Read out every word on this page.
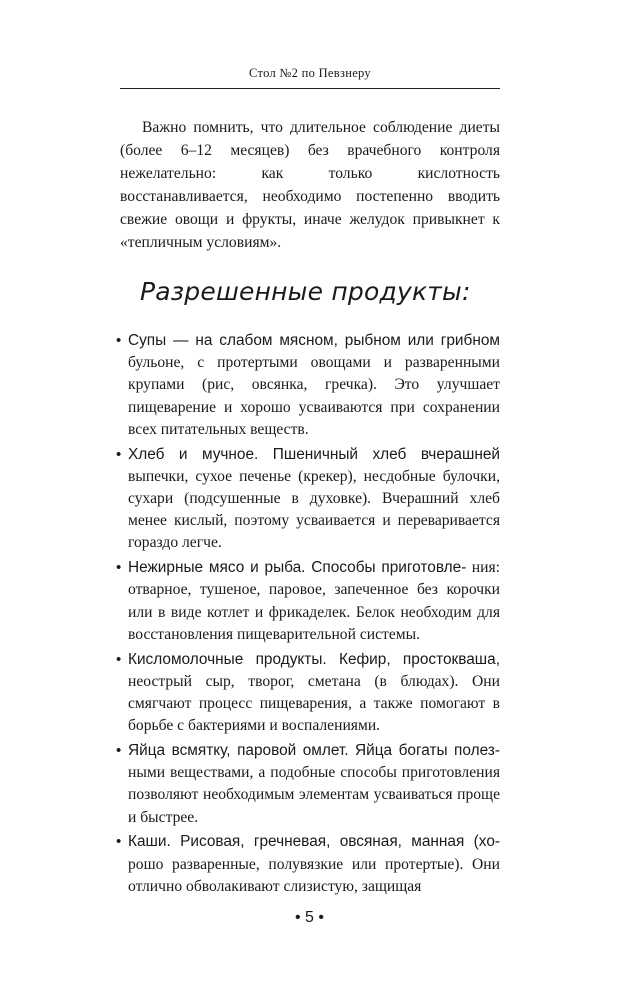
Стол №2 по Певзнеру

Важно помнить, что длительное соблюдение диеты (более 6–12 месяцев) без врачебного контроля нежелательно: как только кислотность восстанавливается, необходимо постепенно вводить свежие овощи и фрукты, иначе желудок привыкнет к «тепличным условиям».

Разрешенные продукты:
• Супы — на слабом мясном, рыбном или грибном бульоне, с протертыми овощами и разваренными крупами (рис, овсянка, гречка). Это улучшает пищеварение и хорошо усваиваются при сохранении всех питательных веществ.
• Хлеб и мучное. Пшеничный хлеб вчерашней выпечки, сухое печенье (крекер), несдобные булочки, сухари (подсушенные в духовке). Вчерашний хлеб менее кислый, поэтому усваивается и переваривается гораздо легче.
• Нежирные мясо и рыба. Способы приготовле- ния: отварное, тушеное, паровое, запеченное без корочки или в виде котлет и фрикаделек. Белок необходим для восстановления пищеварительной системы.
• Кисломолочные продукты. Кефир, простокваша, неострый сыр, творог, сметана (в блюдах). Они смягчают процесс пищеварения, а также помогают в борьбе с бактериями и воспалениями.
• Яйца всмятку, паровой омлет. Яйца богаты полез- ными веществами, а подобные способы приготовления позволяют необходимым элементам усваиваться проще и быстрее.
• Каши. Рисовая, гречневая, овсяная, манная (хо- рошо разваренные, полувязкие или протертые). Они отлично обволакивают слизистую, защищая
• 5 •
